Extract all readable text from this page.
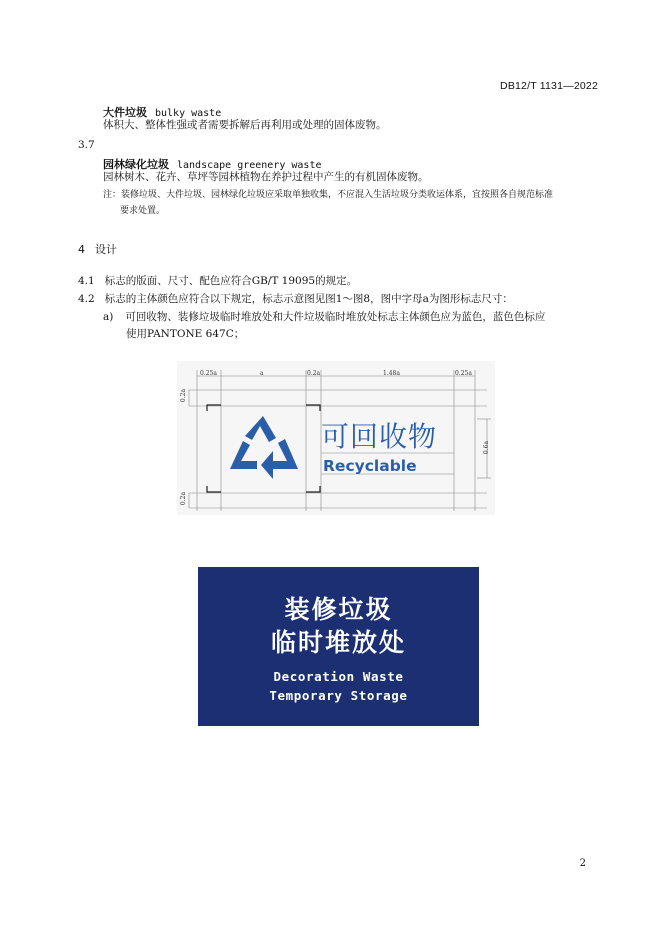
DB12/T 1131—2022
大件垃圾 bulky waste
体积大、整体性强或者需要拆解后再利用或处理的固体废物。
3.7
园林绿化垃圾 landscape greenery waste
园林树木、花卉、草坪等园林植物在养护过程中产生的有机固体废物。
注：装修垃圾、大件垃圾、园林绿化垃圾应采取单独收集，不应混入生活垃圾分类收运体系，宜按照各自规范标准
要求处置。
4 设计
4.1 标志的版面、尺寸、配色应符合GB/T 19095的规定。
4.2 标志的主体颜色应符合以下规定，标志示意图见图1～图8，图中字母a为图形标志尺寸：
a) 可回收物、装修垃圾临时堆放处和大件垃圾临时堆放处标志主体颜色应为蓝色，蓝色色标应
使用PANTONE 647C；
0.25a	a	0.2a	1.48a	0.25a
0.2a
0.2a
0.6a
可回收物
Recyclable
装修垃圾
临时堆放处
Decoration Waste
Temporary Storage
2
